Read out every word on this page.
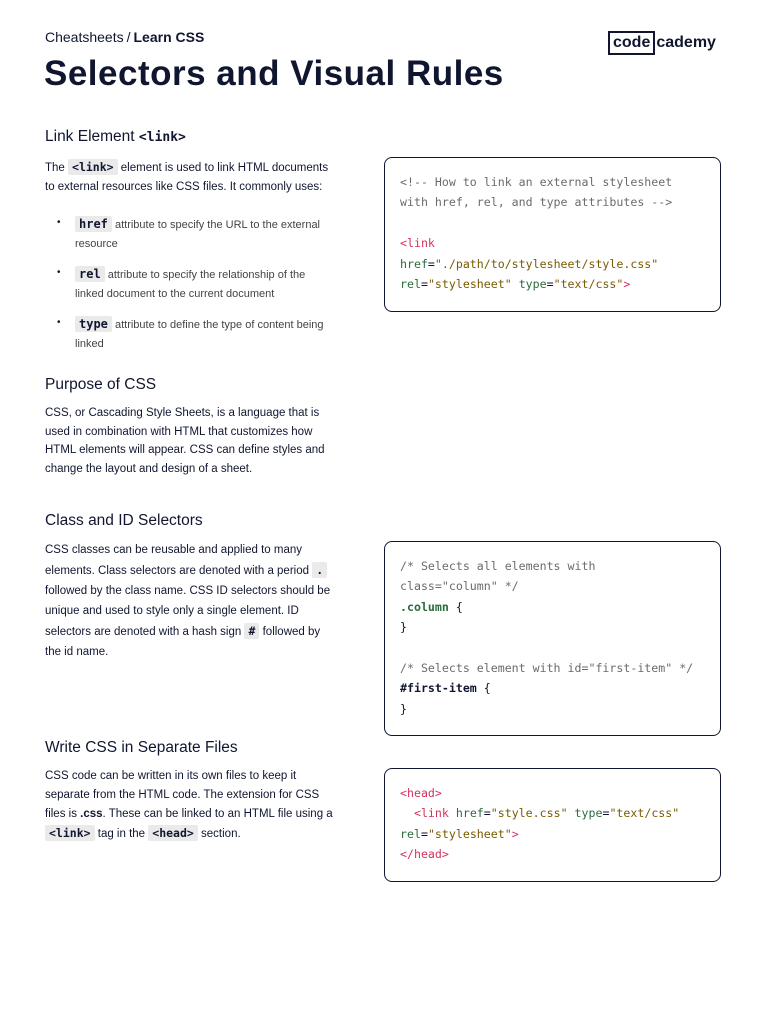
Cheatsheets / Learn CSS	code cademy
Selectors and Visual Rules
Link Element <link>

The <link> element is used to link HTML documents to external resources like CSS files. It commonly uses:

• href attribute to specify the URL to the external resource
• rel attribute to specify the relationship of the linked document to the current document
• type attribute to define the type of content being linked
<!-- How to link an external stylesheet
with href, rel, and type attributes -->

<link
href="./path/to/stylesheet/style.css"
rel="stylesheet" type="text/css">
Purpose of CSS

CSS, or Cascading Style Sheets, is a language that is used in combination with HTML that customizes how HTML elements will appear. CSS can define styles and change the layout and design of a sheet.

Class and ID Selectors

CSS classes can be reusable and applied to many elements. Class selectors are denoted with a period . followed by the class name. CSS ID selectors should be unique and used to style only a single element. ID selectors are denoted with a hash sign # followed by the id name.

/* Selects all elements with
class="column" */
.column {
}

/* Selects element with id="first-item" */
#first-item {
}
Write CSS in Separate Files

CSS code can be written in its own files to keep it separate from the HTML code. The extension for CSS files is .css. These can be linked to an HTML file using a <link> tag in the <head> section.

<head>
<link href="style.css" type="text/css"
rel="stylesheet">
</head>
